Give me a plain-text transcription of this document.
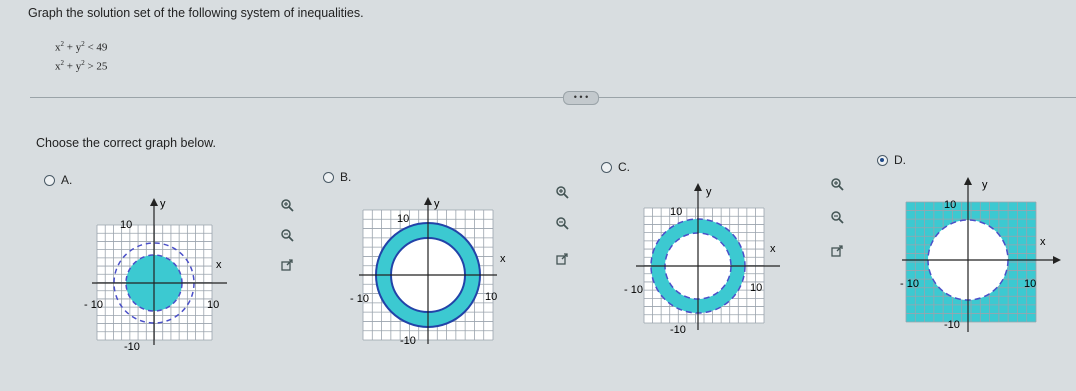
Graph the solution set of the following system of inequalities.
$x^2 + y^2 < 49$
$x^2 + y^2 > 25$
• • •
Choose the correct graph below.
A.	B.
C.	D.
y
x
10
- 10	10
-10
y
x
10
- 10	10
-10
y
x
10
- 10	10
-10
y
x
10
- 10	10
-10
